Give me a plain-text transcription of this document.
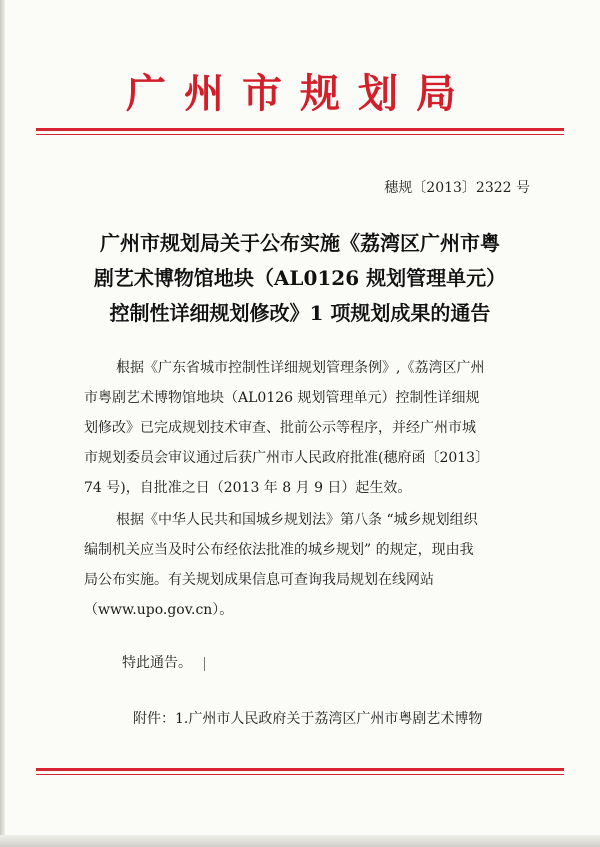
广州市规划局
穗规〔2013〕2322 号
广州市规划局关于公布实施《荔湾区广州市粤
剧艺术博物馆地块（AL0126 规划管理单元）
控制性详细规划修改》1 项规划成果的通告
根据《广东省城市控制性详细规划管理条例》,《荔湾区广州
市粤剧艺术博物馆地块（AL0126 规划管理单元）控制性详细规
划修改》已完成规划技术审查、批前公示等程序，并经广州市城
市规划委员会审议通过后获广州市人民政府批准(穗府函〔2013〕
74 号)，自批准之日（2013 年 8 月 9 日）起生效。
根据《中华人民共和国城乡规划法》第八条 “城乡规划组织
编制机关应当及时公布经依法批准的城乡规划” 的规定，现由我
局公布实施。有关规划成果信息可查询我局规划在线网站
（www.upo.gov.cn）。
特此通告。
附件：1.广州市人民政府关于荔湾区广州市粤剧艺术博物
